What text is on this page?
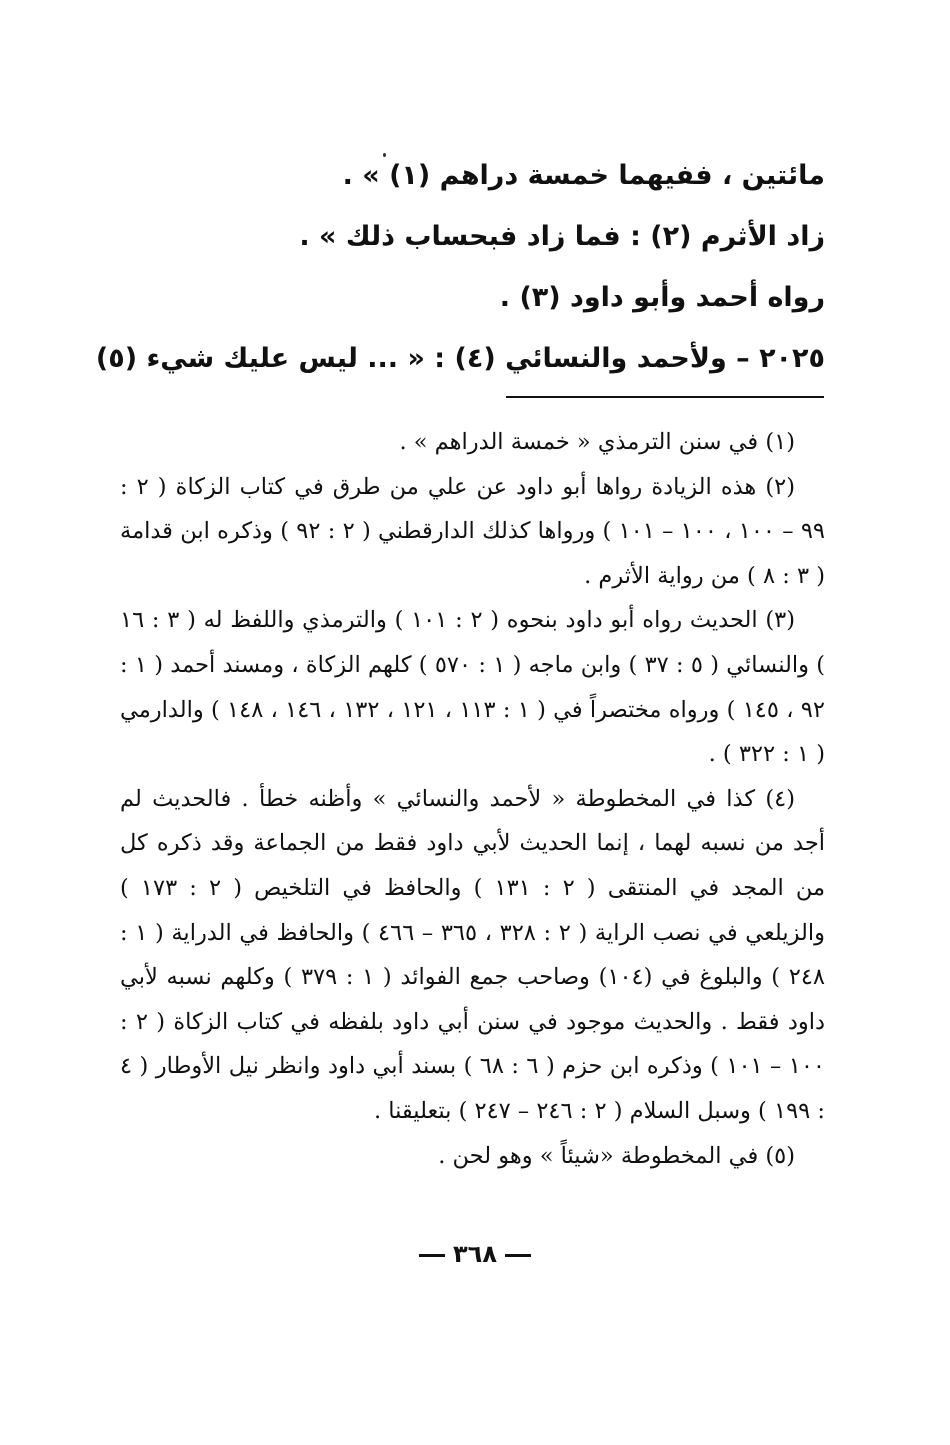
مائتين ، ففيهما خمسة دراهم (١) » .
زاد الأثرم (٢) : فما زاد فبحساب ذلك » .
رواه أحمد وأبو داود (٣) .
٢٠٢٥ – ولأحمد والنسائي (٤) : « ... ليس عليك شيء (٥)

(١) في سنن الترمذي « خمسة الدراهم » .

(٢) هذه الزيادة رواها أبو داود عن علي من طرق في كتاب الزكاة ( ٢ : ٩٩ – ١٠٠ ، ١٠٠ – ١٠١ ) ورواها كذلك الدارقطني ( ٢ : ٩٢ ) وذكره ابن قدامة ( ٣ : ٨ ) من رواية الأثرم .

(٣) الحديث رواه أبو داود بنحوه ( ٢ : ١٠١ ) والترمذي واللفظ له ( ٣ : ١٦ ) والنسائي ( ٥ : ٣٧ ) وابن ماجه ( ١ : ٥٧٠ ) كلهم الزكاة ، ومسند أحمد ( ١ : ٩٢ ، ١٤٥ ) ورواه مختصراً في ( ١ : ١١٣ ، ١٢١ ، ١٣٢ ، ١٤٦ ، ١٤٨ ) والدارمي ( ١ : ٣٢٢ ) .

(٤) كذا في المخطوطة « لأحمد والنسائي » وأظنه خطأ . فالحديث لم أجد من نسبه لهما ، إنما الحديث لأبي داود فقط من الجماعة وقد ذكره كل من المجد في المنتقى ( ٢ : ١٣١ ) والحافظ في التلخيص ( ٢ : ١٧٣ ) والزيلعي في نصب الراية ( ٢ : ٣٢٨ ، ٣٦٥ – ٤٦٦ ) والحافظ في الدراية ( ١ : ٢٤٨ ) والبلوغ في (١٠٤) وصاحب جمع الفوائد ( ١ : ٣٧٩ ) وكلهم نسبه لأبي داود فقط . والحديث موجود في سنن أبي داود بلفظه في كتاب الزكاة ( ٢ : ١٠٠ – ١٠١ ) وذكره ابن حزم ( ٦ : ٦٨ ) بسند أبي داود وانظر نيل الأوطار ( ٤ : ١٩٩ ) وسبل السلام ( ٢ : ٢٤٦ – ٢٤٧ ) بتعليقنا .

(٥) في المخطوطة «شيئاً » وهو لحن .

٣٦٨
